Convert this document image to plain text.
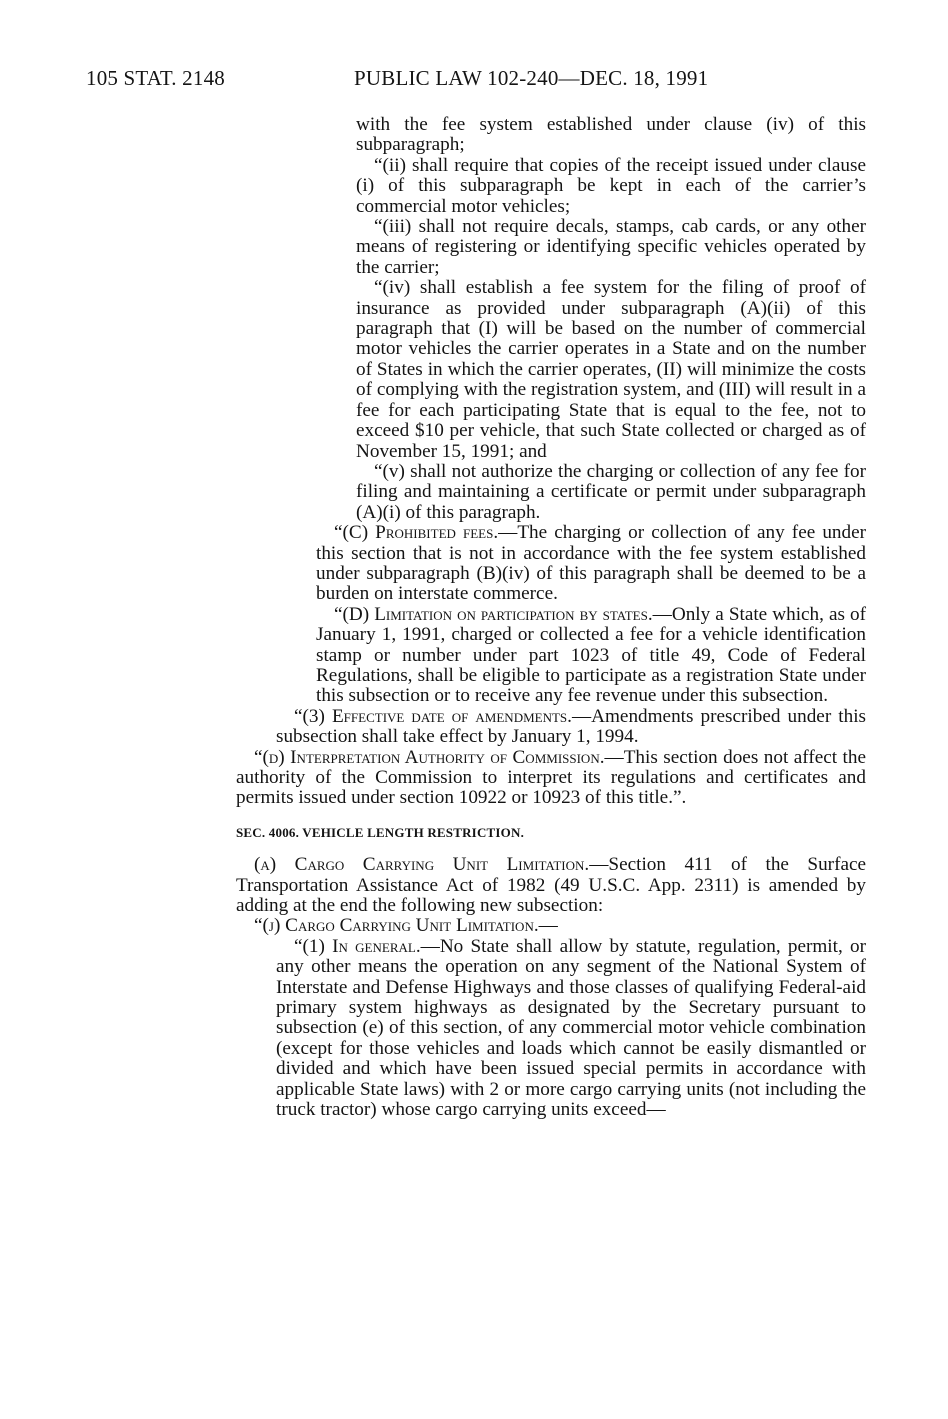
105 STAT. 2148	PUBLIC LAW 102-240—DEC. 18, 1991

with the fee system established under clause (iv) of this subparagraph;

“(ii) shall require that copies of the receipt issued under clause (i) of this subparagraph be kept in each of the carrier’s commercial motor vehicles;

“(iii) shall not require decals, stamps, cab cards, or any other means of registering or identifying specific vehicles operated by the carrier;

“(iv) shall establish a fee system for the filing of proof of insurance as provided under subparagraph (A)(ii) of this paragraph that (I) will be based on the number of commercial motor vehicles the carrier operates in a State and on the number of States in which the carrier operates, (II) will minimize the costs of complying with the registration system, and (III) will result in a fee for each participating State that is equal to the fee, not to exceed $10 per vehicle, that such State collected or charged as of November 15, 1991; and

“(v) shall not authorize the charging or collection of any fee for filing and maintaining a certificate or permit under subparagraph (A)(i) of this paragraph.

“(C) Prohibited fees.—The charging or collection of any fee under this section that is not in accordance with the fee system established under subparagraph (B)(iv) of this paragraph shall be deemed to be a burden on interstate commerce.

“(D) Limitation on participation by states.—Only a State which, as of January 1, 1991, charged or collected a fee for a vehicle identification stamp or number under part 1023 of title 49, Code of Federal Regulations, shall be eligible to participate as a registration State under this subsection or to receive any fee revenue under this subsection.

“(3) Effective date of amendments.—Amendments prescribed under this subsection shall take effect by January 1, 1994.

“(d) Interpretation Authority of Commission.—This section does not affect the authority of the Commission to interpret its regulations and certificates and permits issued under section 10922 or 10923 of this title.”.

SEC. 4006. VEHICLE LENGTH RESTRICTION.

(a) Cargo Carrying Unit Limitation.—Section 411 of the Surface Transportation Assistance Act of 1982 (49 U.S.C. App. 2311) is amended by adding at the end the following new subsection:

“(j) Cargo Carrying Unit Limitation.—

“(1) In general.—No State shall allow by statute, regulation, permit, or any other means the operation on any segment of the National System of Interstate and Defense Highways and those classes of qualifying Federal-aid primary system highways as designated by the Secretary pursuant to subsection (e) of this section, of any commercial motor vehicle combination (except for those vehicles and loads which cannot be easily dismantled or divided and which have been issued special permits in accordance with applicable State laws) with 2 or more cargo carrying units (not including the truck tractor) whose cargo carrying units exceed—
